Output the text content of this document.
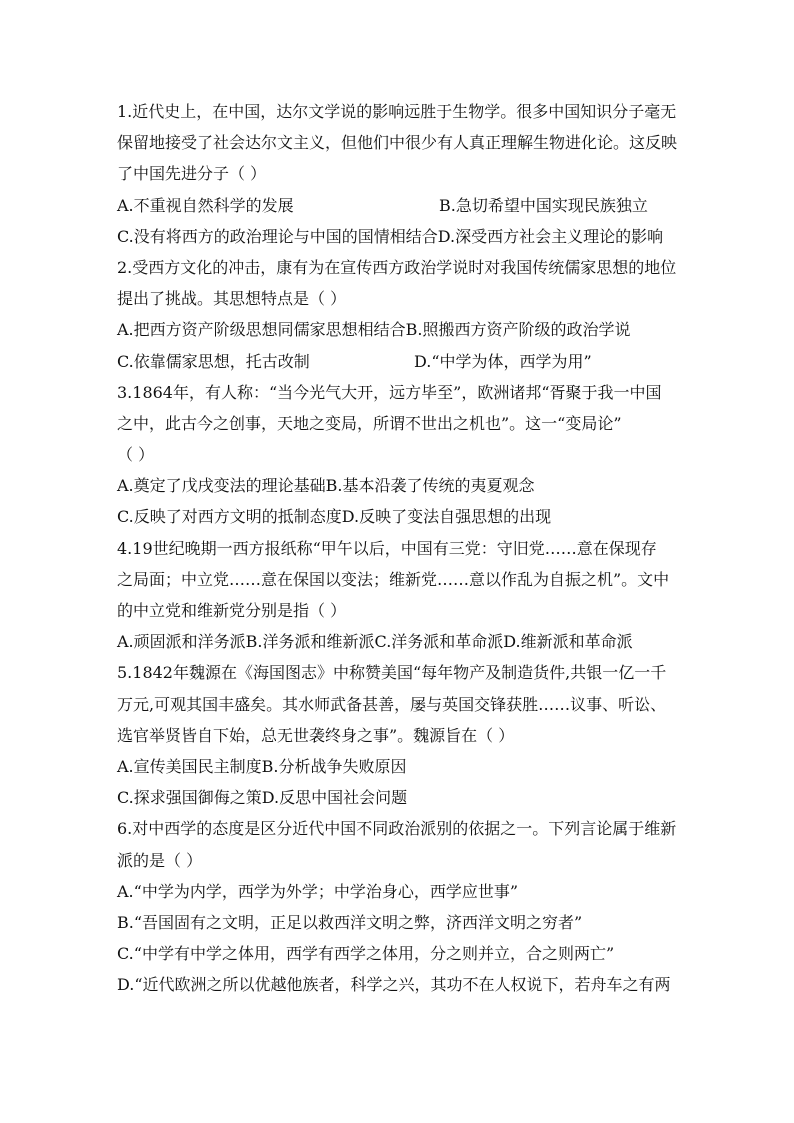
1.近代史上，在中国，达尔文学说的影响远胜于生物学。很多中国知识分子毫无
保留地接受了社会达尔文主义，但他们中很少有人真正理解生物进化论。这反映
了中国先进分子（ ）
A.不重视自然科学的发展	B.急切希望中国实现民族独立
C.没有将西方的政治理论与中国的国情相结合 D.深受西方社会主义理论的影响
2.受西方文化的冲击，康有为在宣传西方政治学说时对我国传统儒家思想的地位
提出了挑战。其思想特点是（ ）
A.把西方资产阶级思想同儒家思想相结合 B.照搬西方资产阶级的政治学说
C.依靠儒家思想，托古改制	D.“中学为体，西学为用”
3.1864年，有人称：“当今光气大开，远方毕至”，欧洲诸邦“胥聚于我一中国
之中，此古今之创事，天地之变局，所谓不世出之机也”。这一“变局论”
（ ）
A.奠定了戊戌变法的理论基础 B.基本沿袭了传统的夷夏观念
C.反映了对西方文明的抵制态度 D.反映了变法自强思想的出现
4.19世纪晚期一西方报纸称“甲午以后，中国有三党：守旧党……意在保现存
之局面；中立党……意在保国以变法；维新党……意以作乱为自振之机”。文中
的中立党和维新党分别是指（ ）
A.顽固派和洋务派 B.洋务派和维新派 C.洋务派和革命派 D.维新派和革命派
5.1842年魏源在《海国图志》中称赞美国“每年物产及制造货件,共银一亿一千
万元,可观其国丰盛矣。其水师武备甚善，屡与英国交锋获胜……议事、听讼、
选官举贤皆自下始，总无世袭终身之事”。魏源旨在（ ）
A.宣传美国民主制度 B.分析战争失败原因
C.探求强国御侮之策 D.反思中国社会问题
6.对中西学的态度是区分近代中国不同政治派别的依据之一。下列言论属于维新
派的是（ ）
A.“中学为内学，西学为外学；中学治身心，西学应世事”
B.“吾国固有之文明，正足以救西洋文明之弊，济西洋文明之穷者”
C.“中学有中学之体用，西学有西学之体用，分之则并立，合之则两亡”
D.“近代欧洲之所以优越他族者，科学之兴，其功不在人权说下，若舟车之有两
